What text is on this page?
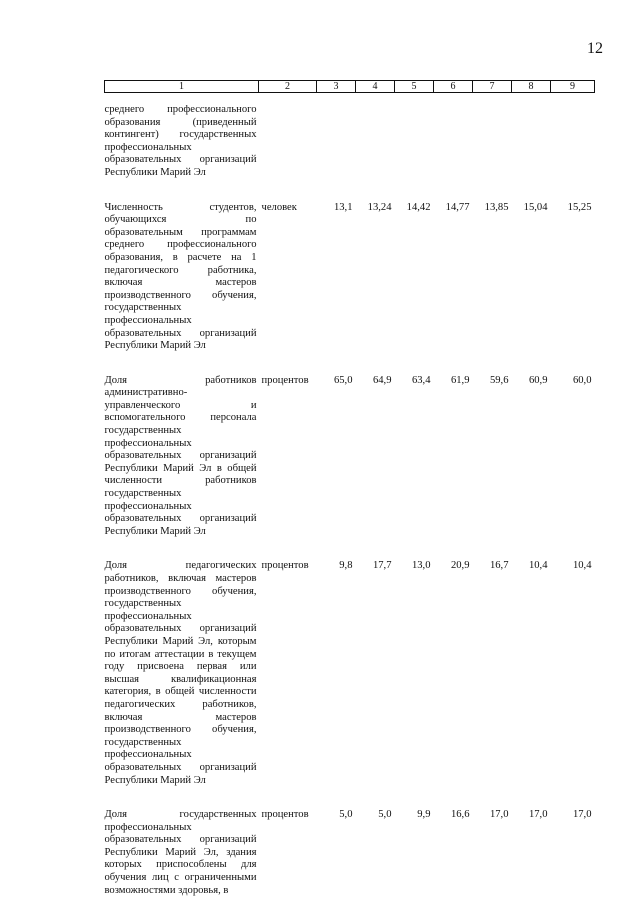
12
1	2	3	4	5	6	7	8	9
среднего профессионального образования (приведенный контингент) государственных профессиональных образовательных организаций Республики Марий Эл								
Численность студентов, обучающихся по образовательным программам среднего профессионального образования, в расчете на 1 педагогического работника, включая мастеров производственного обучения, государственных профессиональных образовательных организаций Республики Марий Эл	человек	13,1	13,24	14,42	14,77	13,85	15,04	15,25
Доля работников административно-управленческого и вспомогательного персонала государственных профессиональных образовательных организаций Республики Марий Эл в общей численности работников государственных профессиональных образовательных организаций Республики Марий Эл	процентов	65,0	64,9	63,4	61,9	59,6	60,9	60,0
Доля педагогических работников, включая мастеров производственного обучения, государственных профессиональных образовательных организаций Республики Марий Эл, которым по итогам аттестации в текущем году присвоена первая или высшая квалификационная категория, в общей численности педагогических работников, включая мастеров производственного обучения, государственных профессиональных образовательных организаций Республики Марий Эл	процентов	9,8	17,7	13,0	20,9	16,7	10,4	10,4
Доля государственных профессиональных образовательных организаций Республики Марий Эл, здания которых приспособлены для обучения лиц с ограниченными возможностями здоровья, в	процентов	5,0	5,0	9,9	16,6	17,0	17,0	17,0
